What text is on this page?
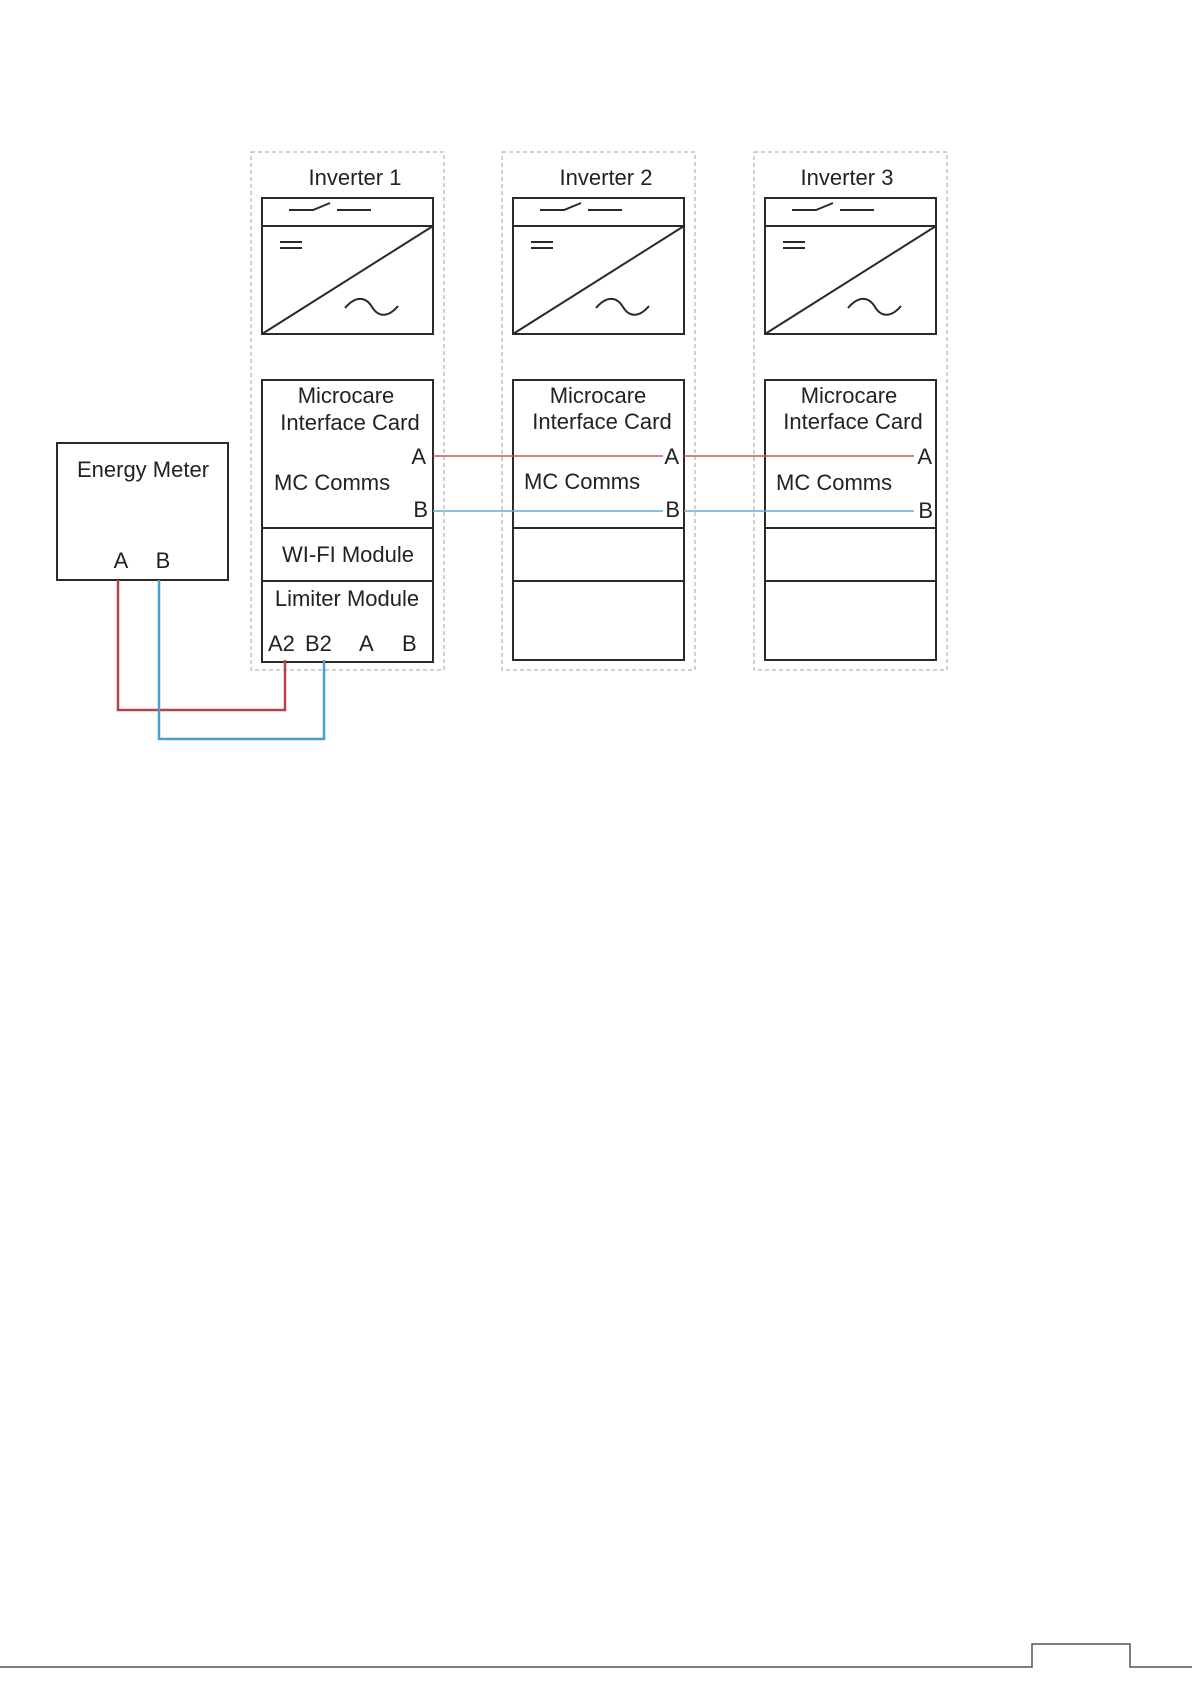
Inverter 1
Microcare
Interface Card
A
MC Comms
B
WI-FI Module
Limiter Module
A2 B2 A B
Inverter 2
Microcare
Interface Card
A
MC Comms
B
Inverter 3
Microcare
Interface Card
A
MC Comms
B
Energy Meter
A B
